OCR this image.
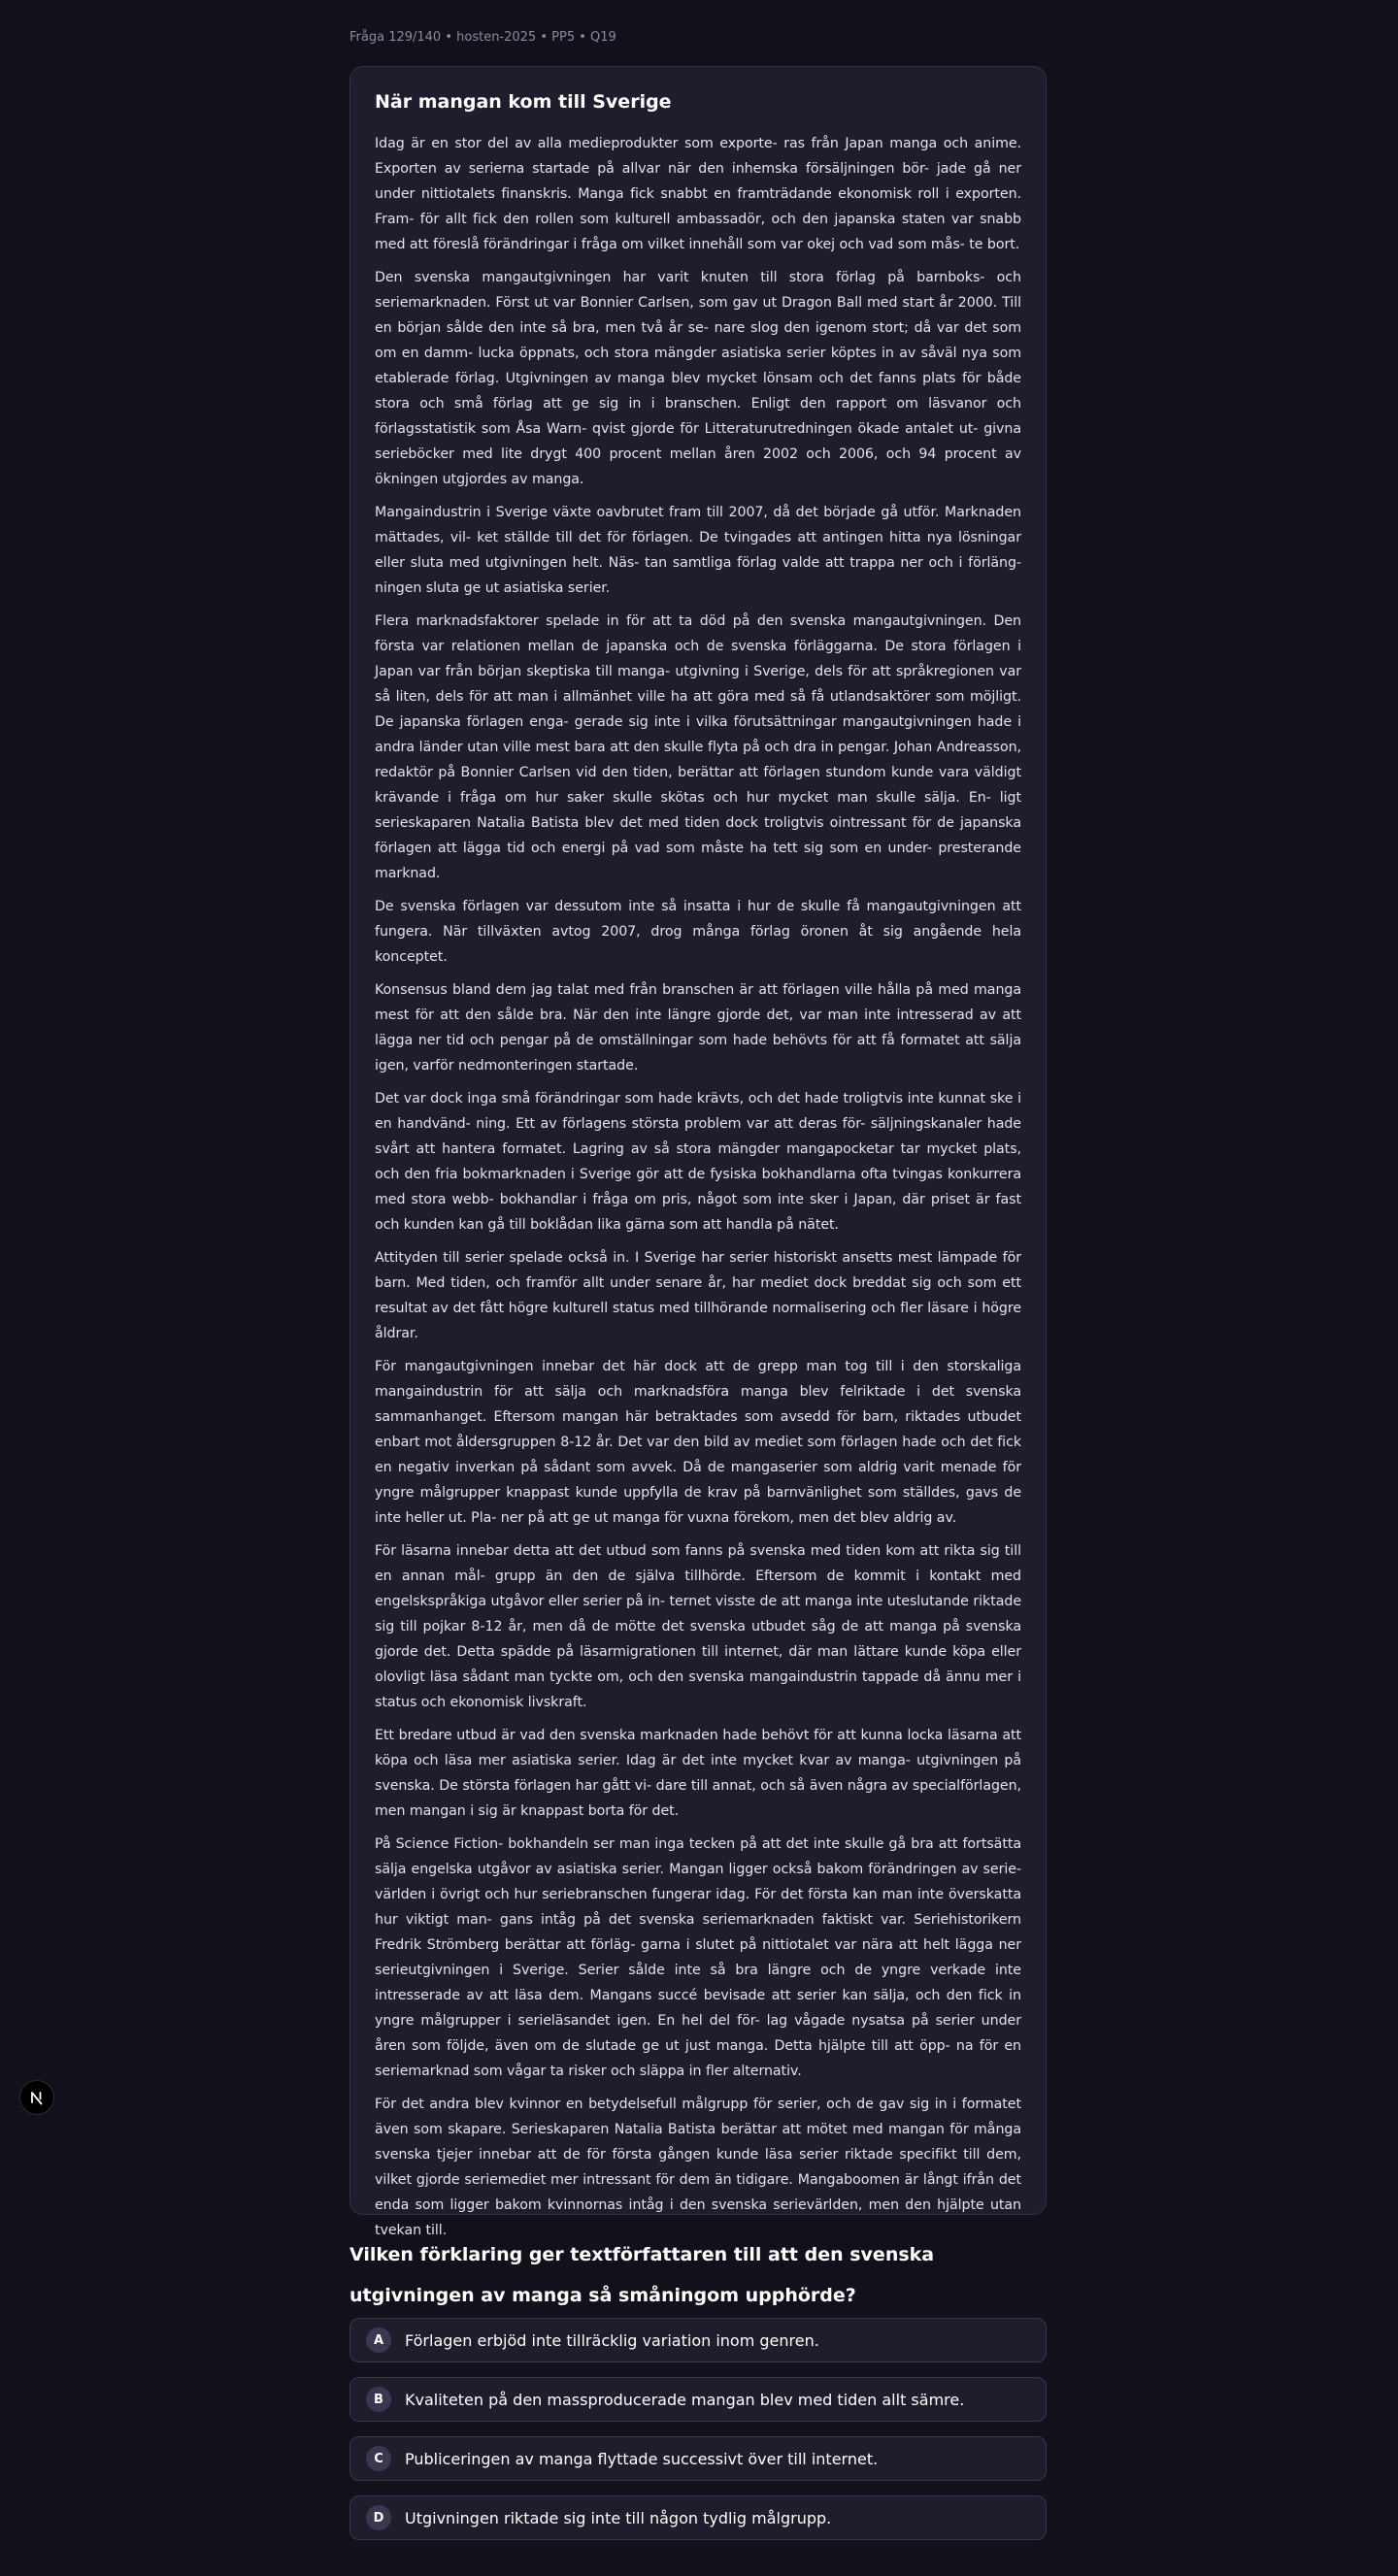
Fråga 129/140 • hosten-2025 • PP5 • Q19
När mangan kom till Sverige

Idag är en stor del av alla medieprodukter som exporte- ras från Japan manga och anime. Exporten av serierna startade på allvar när den inhemska försäljningen bör- jade gå ner under nittiotalets finanskris. Manga fick snabbt en framträdande ekonomisk roll i exporten. Fram- för allt fick den rollen som kulturell ambassadör, och den japanska staten var snabb med att föreslå förändringar i fråga om vilket innehåll som var okej och vad som mås- te bort.

Den svenska mangautgivningen har varit knuten till stora förlag på barnboks- och seriemarknaden. Först ut var Bonnier Carlsen, som gav ut Dragon Ball med start år 2000. Till en början sålde den inte så bra, men två år se- nare slog den igenom stort; då var det som om en damm- lucka öppnats, och stora mängder asiatiska serier köptes in av såväl nya som etablerade förlag. Utgivningen av manga blev mycket lönsam och det fanns plats för både stora och små förlag att ge sig in i branschen. Enligt den rapport om läsvanor och förlagsstatistik som Åsa Warn- qvist gjorde för Litteraturutredningen ökade antalet ut- givna serieböcker med lite drygt 400 procent mellan åren 2002 och 2006, och 94 procent av ökningen utgjordes av manga.

Mangaindustrin i Sverige växte oavbrutet fram till 2007, då det började gå utför. Marknaden mättades, vil- ket ställde till det för förlagen. De tvingades att antingen hitta nya lösningar eller sluta med utgivningen helt. Näs- tan samtliga förlag valde att trappa ner och i förläng- ningen sluta ge ut asiatiska serier.

Flera marknadsfaktorer spelade in för att ta död på den svenska mangautgivningen. Den första var relationen mellan de japanska och de svenska förläggarna. De stora förlagen i Japan var från början skeptiska till manga- utgivning i Sverige, dels för att språkregionen var så liten, dels för att man i allmänhet ville ha att göra med så få utlandsaktörer som möjligt. De japanska förlagen enga- gerade sig inte i vilka förutsättningar mangautgivningen hade i andra länder utan ville mest bara att den skulle flyta på och dra in pengar. Johan Andreasson, redaktör på Bonnier Carlsen vid den tiden, berättar att förlagen stundom kunde vara väldigt krävande i fråga om hur saker skulle skötas och hur mycket man skulle sälja. En- ligt serieskaparen Natalia Batista blev det med tiden dock troligtvis ointressant för de japanska förlagen att lägga tid och energi på vad som måste ha tett sig som en under- presterande marknad.

De svenska förlagen var dessutom inte så insatta i hur de skulle få mangautgivningen att fungera. När tillväxten avtog 2007, drog många förlag öronen åt sig angående hela konceptet.

Konsensus bland dem jag talat med från branschen är att förlagen ville hålla på med manga mest för att den sålde bra. När den inte längre gjorde det, var man inte intresserad av att lägga ner tid och pengar på de omställningar som hade behövts för att få formatet att sälja igen, varför nedmonteringen startade.

Det var dock inga små förändringar som hade krävts, och det hade troligtvis inte kunnat ske i en handvänd- ning. Ett av förlagens största problem var att deras för- säljningskanaler hade svårt att hantera formatet. Lagring av så stora mängder mangapocketar tar mycket plats, och den fria bokmarknaden i Sverige gör att de fysiska bokhandlarna ofta tvingas konkurrera med stora webb- bokhandlar i fråga om pris, något som inte sker i Japan, där priset är fast och kunden kan gå till boklådan lika gärna som att handla på nätet.

Attityden till serier spelade också in. I Sverige har serier historiskt ansetts mest lämpade för barn. Med tiden, och framför allt under senare år, har mediet dock breddat sig och som ett resultat av det fått högre kulturell status med tillhörande normalisering och fler läsare i högre åldrar.

För mangautgivningen innebar det här dock att de grepp man tog till i den storskaliga mangaindustrin för att sälja och marknadsföra manga blev felriktade i det svenska sammanhanget. Eftersom mangan här betraktades som avsedd för barn, riktades utbudet enbart mot åldersgruppen 8-12 år. Det var den bild av mediet som förlagen hade och det fick en negativ inverkan på sådant som avvek. Då de mangaserier som aldrig varit menade för yngre målgrupper knappast kunde uppfylla de krav på barnvänlighet som ställdes, gavs de inte heller ut. Pla- ner på att ge ut manga för vuxna förekom, men det blev aldrig av.

För läsarna innebar detta att det utbud som fanns på svenska med tiden kom att rikta sig till en annan mål- grupp än den de själva tillhörde. Eftersom de kommit i kontakt med engelskspråkiga utgåvor eller serier på in- ternet visste de att manga inte uteslutande riktade sig till pojkar 8-12 år, men då de mötte det svenska utbudet såg de att manga på svenska gjorde det. Detta spädde på läsarmigrationen till internet, där man lättare kunde köpa eller olovligt läsa sådant man tyckte om, och den svenska mangaindustrin tappade då ännu mer i status och ekonomisk livskraft.

Ett bredare utbud är vad den svenska marknaden hade behövt för att kunna locka läsarna att köpa och läsa mer asiatiska serier. Idag är det inte mycket kvar av manga- utgivningen på svenska. De största förlagen har gått vi- dare till annat, och så även några av specialförlagen, men mangan i sig är knappast borta för det.

På Science Fiction- bokhandeln ser man inga tecken på att det inte skulle gå bra att fortsätta sälja engelska utgåvor av asiatiska serier. Mangan ligger också bakom förändringen av serie- världen i övrigt och hur seriebranschen fungerar idag. För det första kan man inte överskatta hur viktigt man- gans intåg på det svenska seriemarknaden faktiskt var. Seriehistorikern Fredrik Strömberg berättar att förläg- garna i slutet på nittiotalet var nära att helt lägga ner serieutgivningen i Sverige. Serier sålde inte så bra längre och de yngre verkade inte intresserade av att läsa dem. Mangans succé bevisade att serier kan sälja, och den fick in yngre målgrupper i serieläsandet igen. En hel del för- lag vågade nysatsa på serier under åren som följde, även om de slutade ge ut just manga. Detta hjälpte till att öpp- na för en seriemarknad som vågar ta risker och släppa in fler alternativ.

För det andra blev kvinnor en betydelsefull målgrupp för serier, och de gav sig in i formatet även som skapare. Serieskaparen Natalia Batista berättar att mötet med mangan för många svenska tjejer innebar att de för första gången kunde läsa serier riktade specifikt till dem, vilket gjorde seriemediet mer intressant för dem än tidigare. Mangaboomen är långt ifrån det enda som ligger bakom kvinnornas intåg i den svenska serievärlden, men den hjälpte utan tvekan till.

Vilken förklaring ger textförfattaren till att den svenska utgivningen av manga så småningom upphörde?
A	Förlagen erbjöd inte tillräcklig variation inom genren.
B	Kvaliteten på den massproducerade mangan blev med tiden allt sämre.
C	Publiceringen av manga flyttade successivt över till internet.
D	Utgivningen riktade sig inte till någon tydlig målgrupp.
